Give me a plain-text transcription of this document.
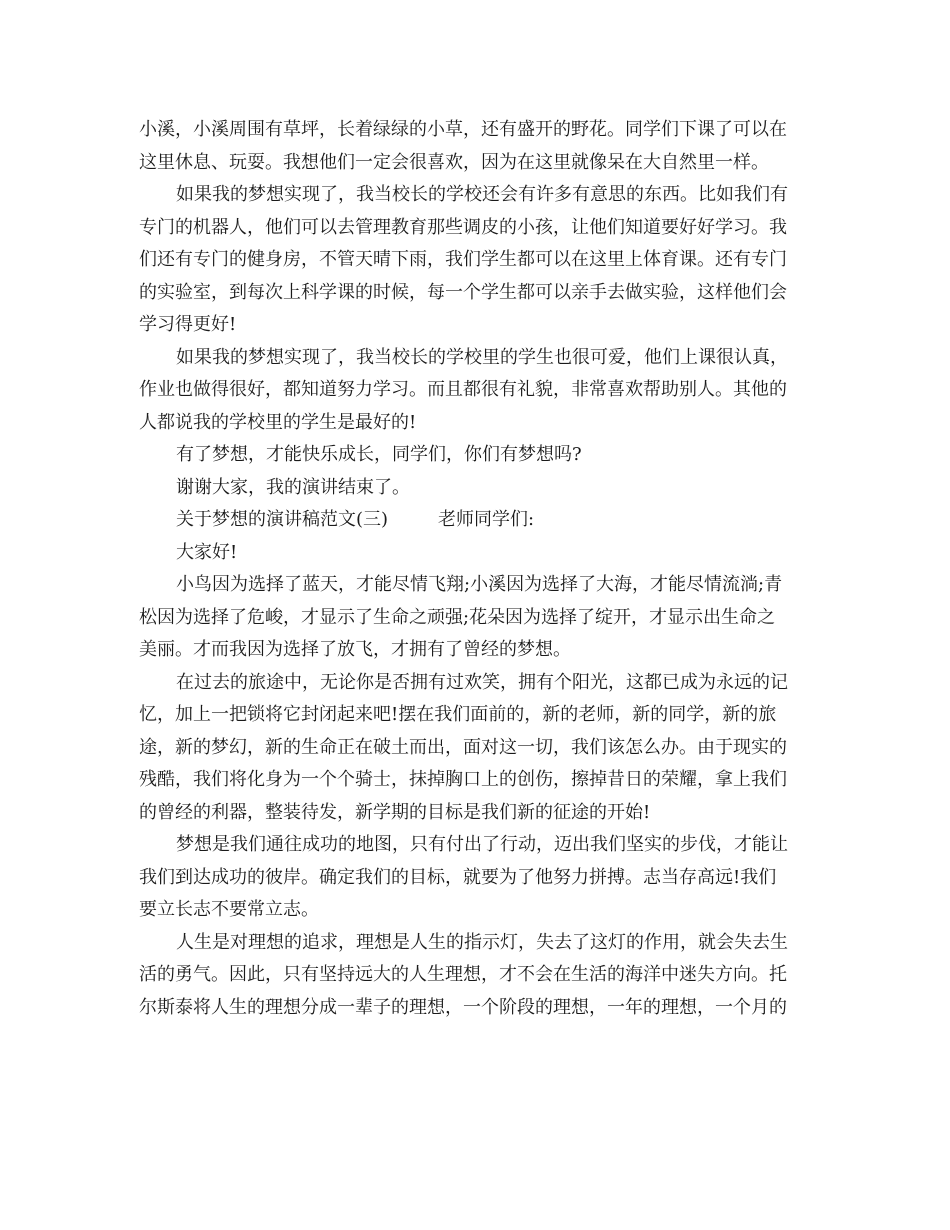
小溪，小溪周围有草坪，长着绿绿的小草，还有盛开的野花。同学们下课了可以在
这里休息、玩耍。我想他们一定会很喜欢，因为在这里就像呆在大自然里一样。
如果我的梦想实现了，我当校长的学校还会有许多有意思的东西。比如我们有
专门的机器人，他们可以去管理教育那些调皮的小孩，让他们知道要好好学习。我
们还有专门的健身房，不管天晴下雨，我们学生都可以在这里上体育课。还有专门
的实验室，到每次上科学课的时候，每一个学生都可以亲手去做实验，这样他们会
学习得更好!
如果我的梦想实现了，我当校长的学校里的学生也很可爱，他们上课很认真，
作业也做得很好，都知道努力学习。而且都很有礼貌，非常喜欢帮助别人。其他的
人都说我的学校里的学生是最好的!
有了梦想，才能快乐成长，同学们，你们有梦想吗?
谢谢大家，我的演讲结束了。
关于梦想的演讲稿范文(三)	老师同学们:
大家好!
小鸟因为选择了蓝天，才能尽情飞翔;小溪因为选择了大海，才能尽情流淌;青
松因为选择了危峻，才显示了生命之顽强;花朵因为选择了绽开，才显示出生命之
美丽。才而我因为选择了放飞，才拥有了曾经的梦想。
在过去的旅途中，无论你是否拥有过欢笑，拥有个阳光，这都已成为永远的记
忆，加上一把锁将它封闭起来吧!摆在我们面前的，新的老师，新的同学，新的旅
途，新的梦幻，新的生命正在破土而出，面对这一切，我们该怎么办。由于现实的
残酷，我们将化身为一个个骑士，抹掉胸口上的创伤，擦掉昔日的荣耀，拿上我们
的曾经的利器，整装待发，新学期的目标是我们新的征途的开始!
梦想是我们通往成功的地图，只有付出了行动，迈出我们坚实的步伐，才能让
我们到达成功的彼岸。确定我们的目标，就要为了他努力拼搏。志当存高远!我们
要立长志不要常立志。
人生是对理想的追求，理想是人生的指示灯，失去了这灯的作用，就会失去生
活的勇气。因此，只有坚持远大的人生理想，才不会在生活的海洋中迷失方向。托
尔斯泰将人生的理想分成一辈子的理想，一个阶段的理想，一年的理想，一个月的
